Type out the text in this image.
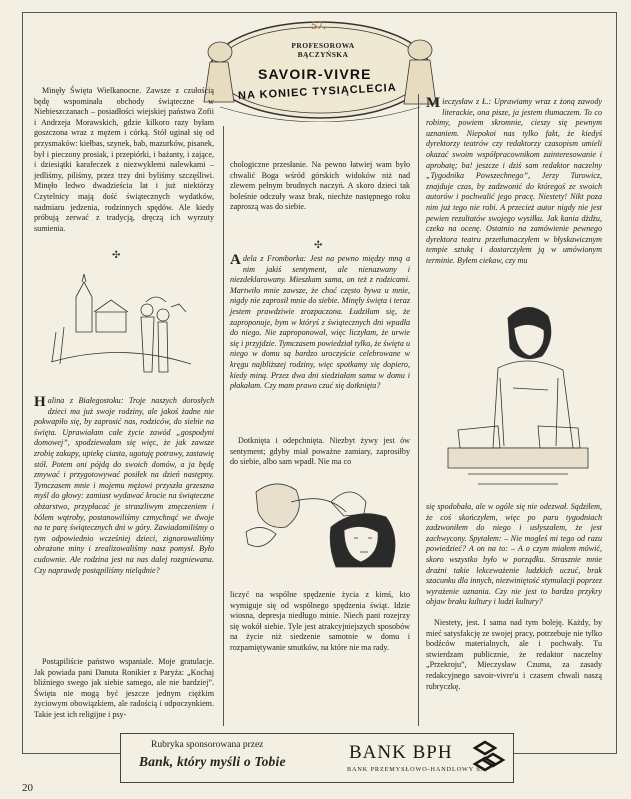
57.
PROFESOROWA BĄCZYŃSKA
SAVOIR-VIVRE
NA KONIEC TYSIĄCLECIA

Minęły Święta Wielkanocne. Zawsze z czułością będę wspominała obchody świąteczne w Niebieszczanach – posiadłości wiejskiej państwa Zofii i Andrzeja Morawskich, gdzie kilkoro razy byłam goszczona wraz z mężem i córką. Stół uginał się od przysmaków: kiełbas, szynek, bab, mazurków, pisanek, był i pieczony prosiak, i przepiórki, i bażanty, i zające, i dziesiątki karafeczek z niezwykłemi nalewkami – jedliśmy, piliśmy, przez trzy dni byliśmy szczęśliwi. Minęło ledwo dwadzieścia lat i już niektórzy Czytelnicy mają dość świątecznych wydatków, nadmiaru jedzenia, rodzinnych spędów. Ale kiedy próbują zerwać z tradycją, dręczą ich wyrzuty sumienia.

✣

Halina z Białegostoku: Troje naszych dorosłych dzieci ma już swoje rodziny, ale jakoś żadne nie pokwapiło się, by zaprosić nas, rodziców, do siebie na święta. Uprawiałam całe życie zawód „gospodyni domowej”, spodziewałam się więc, że jak zawsze zrobię zakupy, upiekę ciasta, ugotuję potrawy, zastawię stół. Potem oni pójdą do swoich domów, a ja będę zmywać i przygotowywać posiłek na dzień następny. Tymczasem mnie i mojemu mężowi przyszła grzeszna myśl do głowy: zamiast wydawać krocie na świąteczne obżarstwo, przypłacać je straszliwym zmęczeniem i bólem wątroby, postanowiliśmy czmychnąć we dwoje na te parę świątecznych dni w góry. Zawiadomiliśmy o tym odpowiednio wcześniej dzieci, zignorowaliśmy obrażone miny i zrealizowaliśmy nasz pomysł. Było cudownie. Ale rodzina jest na nas dalej rozgniewana. Czy naprawdę postąpiliśmy nielądnie?

Postąpiliście państwo wspaniale. Moje gratulacje. Jak powiada pani Danuta Ronikier z Paryża: „Kochaj bliźniego swego jak siebie samego, ale nie bardziej”. Święta nie mogą być jeszcze jednym ciężkim życiowym obowiązkiem, ale radością i odpoczynkiem. Takie jest ich religijne i psy-

chologiczne przesłanie. Na pewno łatwiej wam było chwalić Boga wśród górskich widoków niż nad zlewem pełnym brudnych naczyń. A skoro dzieci tak boleśnie odczuły wasz brak, niechże następnego roku zaproszą was do siebie.

✣

Adela z Fromborka: Jest na pewno między mną a nim jakiś sentyment, ale nienazwany i niezdeklarowany. Mieszkam sama, on też z rodzicami. Martwiło mnie zawsze, że choć często bywa u mnie, nigdy nie zaprosił mnie do siebie. Minęły święta i teraz jestem prawdziwie zrozpaczona. Łudziłam się, że zaproponuje, bym w któryś z świątecznych dni wpadła do niego. Nie zaproponował, więc liczyłam, że urwie się i przyjdzie. Tymczasem powiedział tylko, że święta u niego w domu są bardzo uroczyście celebrowane w kręgu najbliższej rodziny, więc spotkamy się dopiero, kiedy miną. Przez dwa dni siedziałam sama w domu i płakałam. Czy mam prawo czuć się dotknięta?

Dotknięta i odepchnięta. Niezbyt żywy jest ów sentyment; gdyby miał poważne zamiary, zaprosiłby do siebie, albo sam wpadł. Nie ma co

liczyć na wspólne spędzenie życia z kimś, kto wymiguje się od wspólnego spędzenia świąt. Idzie wiosna, depresja niedługo minie. Niech pani rozejrzy się wokół siebie. Tyle jest atrakcyjniejszych sposobów na życie niż siedzenie samotnie w domu i rozpamiętywanie smutków, na które nie ma rady.

Mieczysław z Ł.: Uprawiamy wraz z żoną zawody literackie, ona pisze, ja jestem tłumaczem. To co robimy, powiem skromnie, cieszy się pewnym uznaniem. Niepokoi nas tylko fakt, że kiedyś dyrektorzy teatrów czy redaktorzy czasopism umieli okazać swoim współpracownikom zainteresowanie i aprobatę; ba! jeszcze i dziś sam redaktor naczelny „Tygodnika Powszechnego”, Jerzy Turowicz, znajduje czas, by zadzwonić do któregoś ze swoich autorów i pochwalić jego pracę. Niestety! Nikt poza nim już tego nie robi. A przecież autor nigdy nie jest pewien rezultatów swojego wysiłku. Jak kania dżdżu, czeka na ocenę. Ostatnio na zamówienie pewnego dyrektora teatru przetłumaczyłem w błyskawicznym tempie sztukę i dostarczyłem ją w umówionym terminie. Byłem ciekaw, czy mu

się spodobała, ale w ogóle się nie odezwał. Sądziłem, że coś skończyłem, więc po paru tygodniach zadzwoniłem do niego i usłyszałem, że jest zachwycony. Spytałem: – Nie mogłeś mi tego od razu powiedzieć? A on na to: – A o czym miałem mówić, skoro wszystko było w porządku. Strasznie mnie drażni takie lekceważenie ludzkich uczuć, brak szacunku dla innych, niezwiniętość stymulacji poprzez wyrażenie uznania. Czy nie jest to bardzo przykry objaw braku kultury i ludzi kultury?

Niestety, jest. I sama nad tym boleję. Każdy, by mieć satysfakcję ze swojej pracy, potrzebuje nie tylko bodźców materialnych, ale i pochwały. Tu stwierdzam publicznie, że redaktor naczelny „Przekroju”, Mieczysław Czuma, za zasady redakcyjnego savoir-vivre'u i czasem chwali naszą rubryczkę.

Rubryka sponsorowana przez
Bank, który myśli o Tobie	BANK BPH
BANK PRZEMYSŁOWO-HANDLOWY SA
20
